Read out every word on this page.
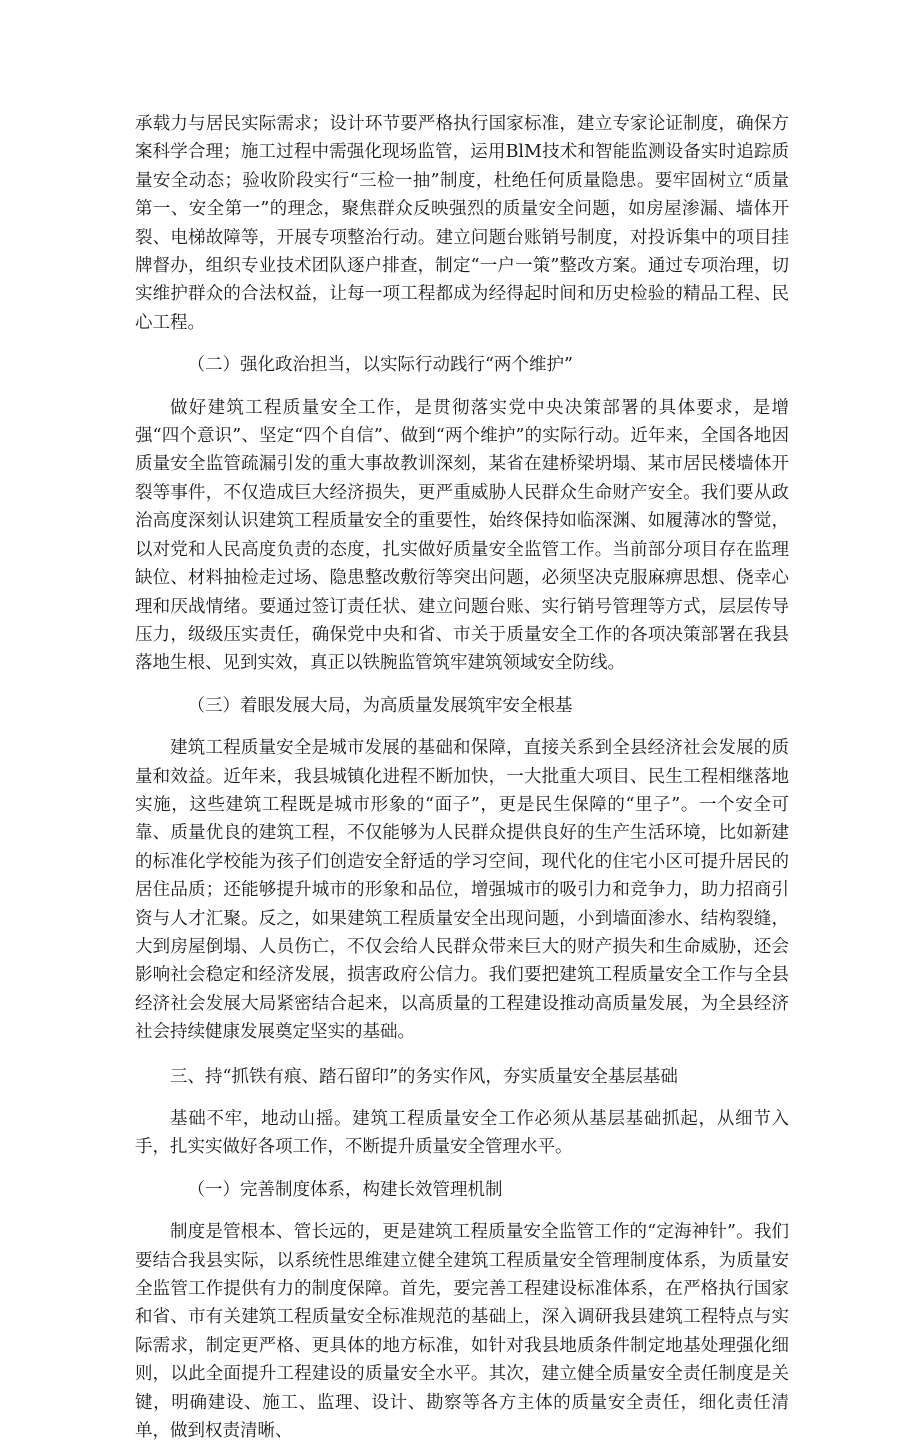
承载力与居民实际需求；设计环节要严格执行国家标准，建立专家论证制度，确保方案科学合理；施工过程中需强化现场监管，运用BlM技术和智能监测设备实时追踪质量安全动态；验收阶段实行“三检一抽”制度，杜绝任何质量隐患。要牢固树立“质量第一、安全第一”的理念，聚焦群众反映强烈的质量安全问题，如房屋渗漏、墙体开裂、电梯故障等，开展专项整治行动。建立问题台账销号制度，对投诉集中的项目挂牌督办，组织专业技术团队逐户排查，制定“一户一策”整改方案。通过专项治理，切实维护群众的合法权益，让每一项工程都成为经得起时间和历史检验的精品工程、民心工程。

（二）强化政治担当，以实际行动践行“两个维护”

做好建筑工程质量安全工作，是贯彻落实党中央决策部署的具体要求，是增强“四个意识”、坚定“四个自信”、做到“两个维护”的实际行动。近年来，全国各地因质量安全监管疏漏引发的重大事故教训深刻，某省在建桥梁坍塌、某市居民楼墙体开裂等事件，不仅造成巨大经济损失，更严重威胁人民群众生命财产安全。我们要从政治高度深刻认识建筑工程质量安全的重要性，始终保持如临深渊、如履薄冰的警觉，以对党和人民高度负责的态度，扎实做好质量安全监管工作。当前部分项目存在监理缺位、材料抽检走过场、隐患整改敷衍等突出问题，必须坚决克服麻痹思想、侥幸心理和厌战情绪。要通过签订责任状、建立问题台账、实行销号管理等方式，层层传导压力，级级压实责任，确保党中央和省、市关于质量安全工作的各项决策部署在我县落地生根、见到实效，真正以铁腕监管筑牢建筑领域安全防线。

（三）着眼发展大局，为高质量发展筑牢安全根基

建筑工程质量安全是城市发展的基础和保障，直接关系到全县经济社会发展的质量和效益。近年来，我县城镇化进程不断加快，一大批重大项目、民生工程相继落地实施，这些建筑工程既是城市形象的“面子”，更是民生保障的“里子”。一个安全可靠、质量优良的建筑工程，不仅能够为人民群众提供良好的生产生活环境，比如新建的标准化学校能为孩子们创造安全舒适的学习空间，现代化的住宅小区可提升居民的居住品质；还能够提升城市的形象和品位，增强城市的吸引力和竞争力，助力招商引资与人才汇聚。反之，如果建筑工程质量安全出现问题，小到墙面渗水、结构裂缝，大到房屋倒塌、人员伤亡，不仅会给人民群众带来巨大的财产损失和生命威胁，还会影响社会稳定和经济发展，损害政府公信力。我们要把建筑工程质量安全工作与全县经济社会发展大局紧密结合起来，以高质量的工程建设推动高质量发展，为全县经济社会持续健康发展奠定坚实的基础。

三、持“抓铁有痕、踏石留印”的务实作风，夯实质量安全基层基础

基础不牢，地动山摇。建筑工程质量安全工作必须从基层基础抓起，从细节入手，扎实实做好各项工作，不断提升质量安全管理水平。

（一）完善制度体系，构建长效管理机制

制度是管根本、管长远的，更是建筑工程质量安全监管工作的“定海神针”。我们要结合我县实际，以系统性思维建立健全建筑工程质量安全管理制度体系，为质量安全监管工作提供有力的制度保障。首先，要完善工程建设标准体系，在严格执行国家和省、市有关建筑工程质量安全标准规范的基础上，深入调研我县建筑工程特点与实际需求，制定更严格、更具体的地方标准，如针对我县地质条件制定地基处理强化细则，以此全面提升工程建设的质量安全水平。其次，建立健全质量安全责任制度是关键，明确建设、施工、监理、设计、勘察等各方主体的质量安全责任，细化责任清单，做到权责清晰、
